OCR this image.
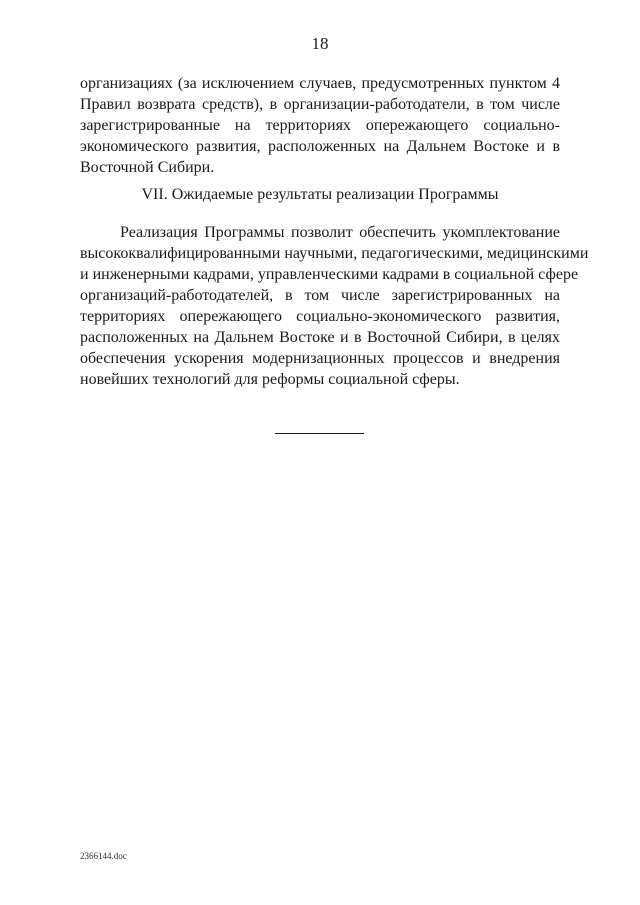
18
организациях (за исключением случаев, предусмотренных пунктом 4
Правил возврата средств), в организации-работодатели, в том числе
зарегистрированные на территориях опережающего социально-
экономического развития, расположенных на Дальнем Востоке и в
Восточной Сибири.
VII. Ожидаемые результаты реализации Программы
Реализация Программы позволит обеспечить укомплектование
высококвалифицированными научными, педагогическими, медицинскими
и инженерными кадрами, управленческими кадрами в социальной сфере
организаций-работодателей, в том числе зарегистрированных на
территориях опережающего социально-экономического развития,
расположенных на Дальнем Востоке и в Восточной Сибири, в целях
обеспечения ускорения модернизационных процессов и внедрения
новейших технологий для реформы социальной сферы.
2366144.doc
